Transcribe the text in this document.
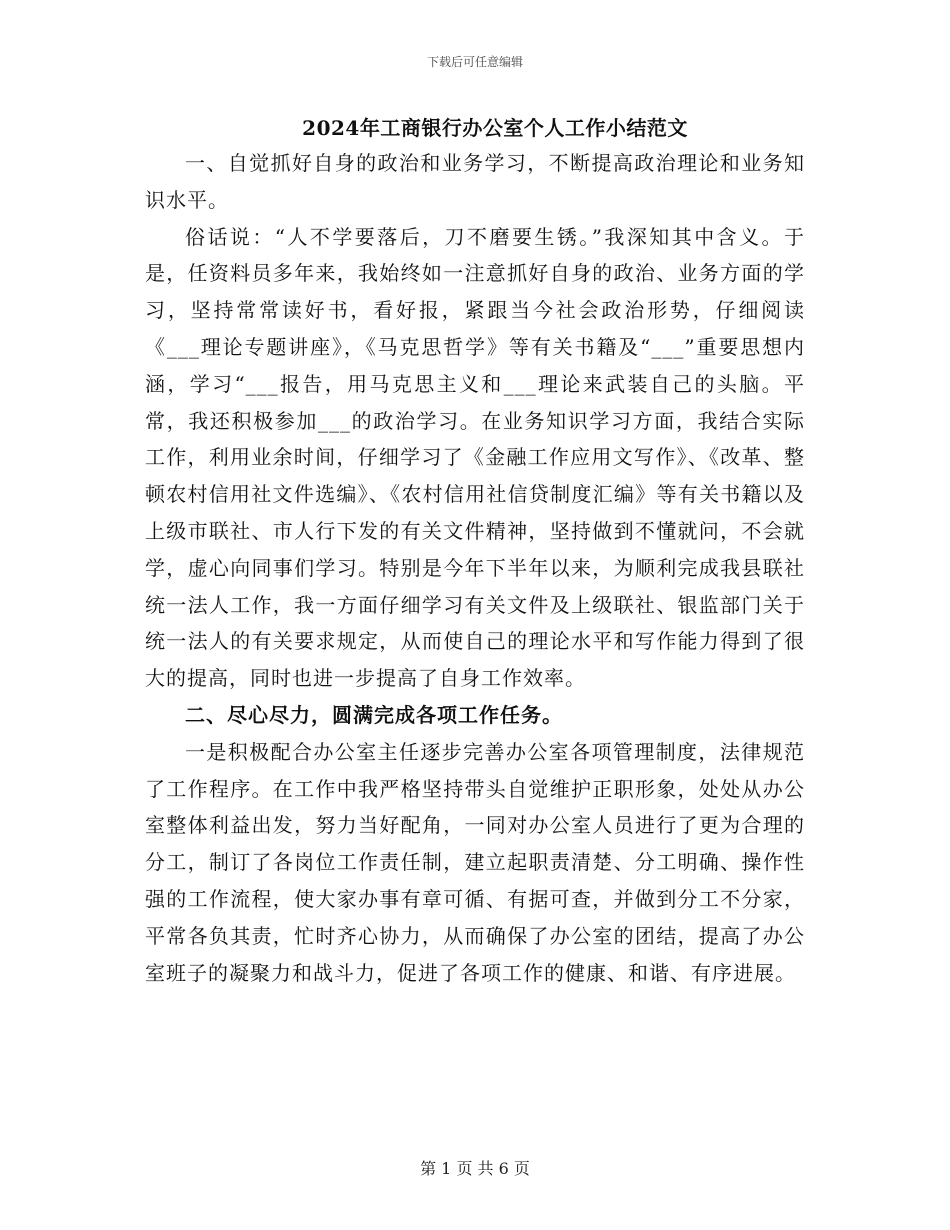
下载后可任意编辑
2024年工商银行办公室个人工作小结范文

一、自觉抓好自身的政治和业务学习，不断提高政治理论和业务知识水平。

俗话说：“人不学要落后，刀不磨要生锈。”我深知其中含义。于是，任资料员多年来，我始终如一注意抓好自身的政治、业务方面的学习，坚持常常读好书，看好报，紧跟当今社会政治形势，仔细阅读《___理论专题讲座》，《马克思哲学》等有关书籍及“___”重要思想内涵，学习“___报告，用马克思主义和___理论来武装自己的头脑。平常，我还积极参加___的政治学习。在业务知识学习方面，我结合实际工作，利用业余时间，仔细学习了《金融工作应用文写作》、《改革、整顿农村信用社文件选编》、《农村信用社信贷制度汇编》等有关书籍以及上级市联社、市人行下发的有关文件精神，坚持做到不懂就问，不会就学，虚心向同事们学习。特别是今年下半年以来，为顺利完成我县联社统一法人工作，我一方面仔细学习有关文件及上级联社、银监部门关于统一法人的有关要求规定，从而使自己的理论水平和写作能力得到了很大的提高，同时也进一步提高了自身工作效率。

二、尽心尽力，圆满完成各项工作任务。

一是积极配合办公室主任逐步完善办公室各项管理制度，法律规范了工作程序。在工作中我严格坚持带头自觉维护正职形象，处处从办公室整体利益出发，努力当好配角，一同对办公室人员进行了更为合理的分工，制订了各岗位工作责任制，建立起职责清楚、分工明确、操作性强的工作流程，使大家办事有章可循、有据可查，并做到分工不分家，平常各负其责，忙时齐心协力，从而确保了办公室的团结，提高了办公室班子的凝聚力和战斗力，促进了各项工作的健康、和谐、有序进展。

第 1 页 共 6 页
